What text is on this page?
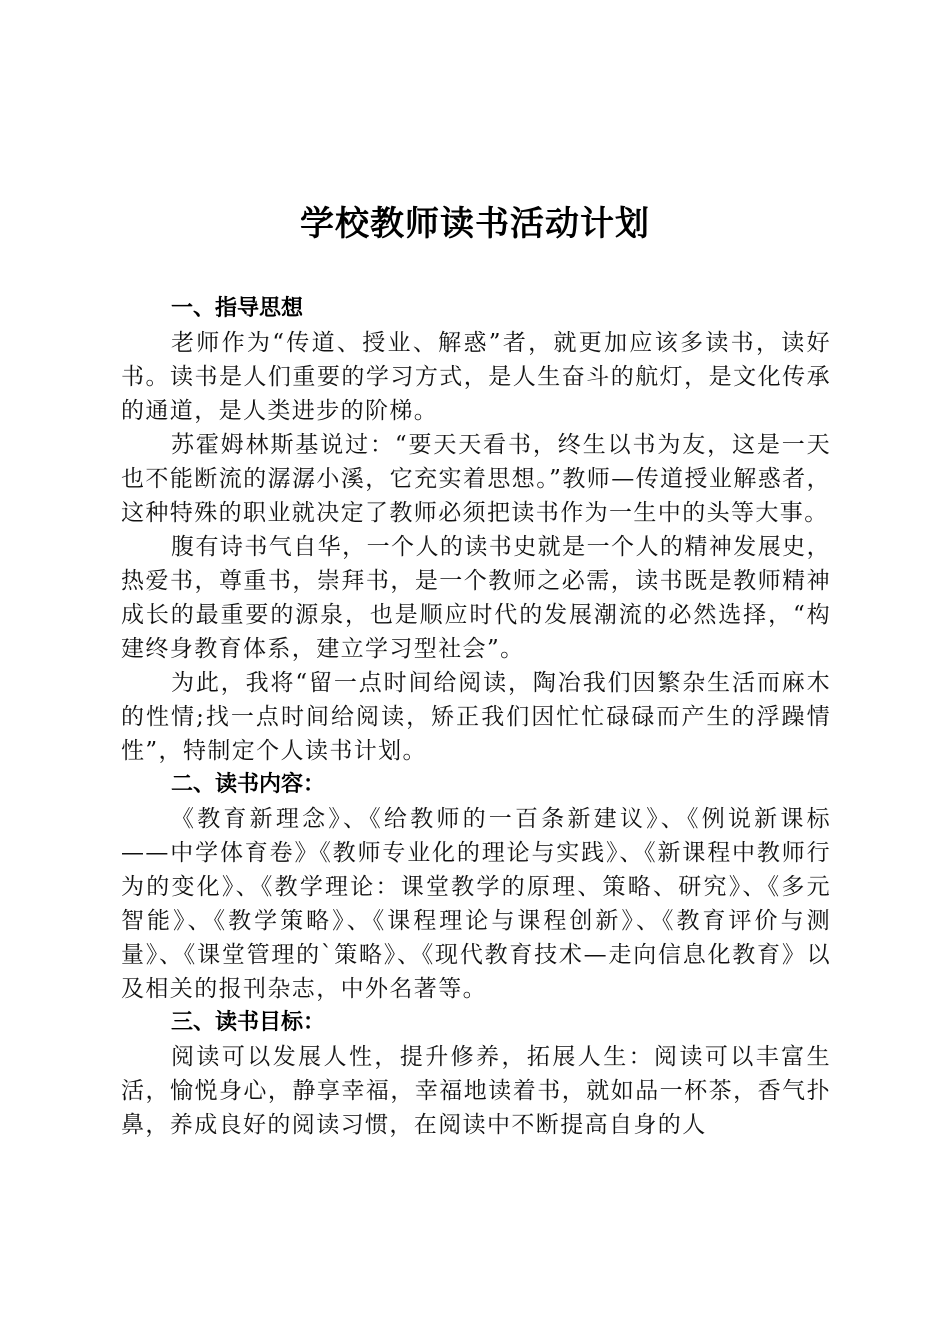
学校教师读书活动计划
一、指导思想

老师作为“传道、授业、解惑”者，就更加应该多读书，读好书。读书是人们重要的学习方式，是人生奋斗的航灯，是文化传承的通道，是人类进步的阶梯。

苏霍姆林斯基说过：“要天天看书，终生以书为友，这是一天也不能断流的潺潺小溪，它充实着思想。”教师—传道授业解惑者，这种特殊的职业就决定了教师必须把读书作为一生中的头等大事。

腹有诗书气自华，一个人的读书史就是一个人的精神发展史，热爱书，尊重书，崇拜书，是一个教师之必需，读书既是教师精神成长的最重要的源泉，也是顺应时代的发展潮流的必然选择，“构建终身教育体系，建立学习型社会”。

为此，我将“留一点时间给阅读，陶冶我们因繁杂生活而麻木的性情;找一点时间给阅读，矫正我们因忙忙碌碌而产生的浮躁情性”，特制定个人读书计划。

二、读书内容：

《教育新理念》、《给教师的一百条新建议》、《例说新课标——中学体育卷》《教师专业化的理论与实践》、《新课程中教师行为的变化》、《教学理论：课堂教学的原理、策略、研究》、《多元智能》、《教学策略》、《课程理论与课程创新》、《教育评价与测量》、《课堂管理的`策略》、《现代教育技术—走向信息化教育》以及相关的报刊杂志，中外名著等。

三、读书目标：

阅读可以发展人性，提升修养，拓展人生：阅读可以丰富生活，愉悦身心，静享幸福，幸福地读着书，就如品一杯茶，香气扑鼻，养成良好的阅读习惯，在阅读中不断提高自身的人
